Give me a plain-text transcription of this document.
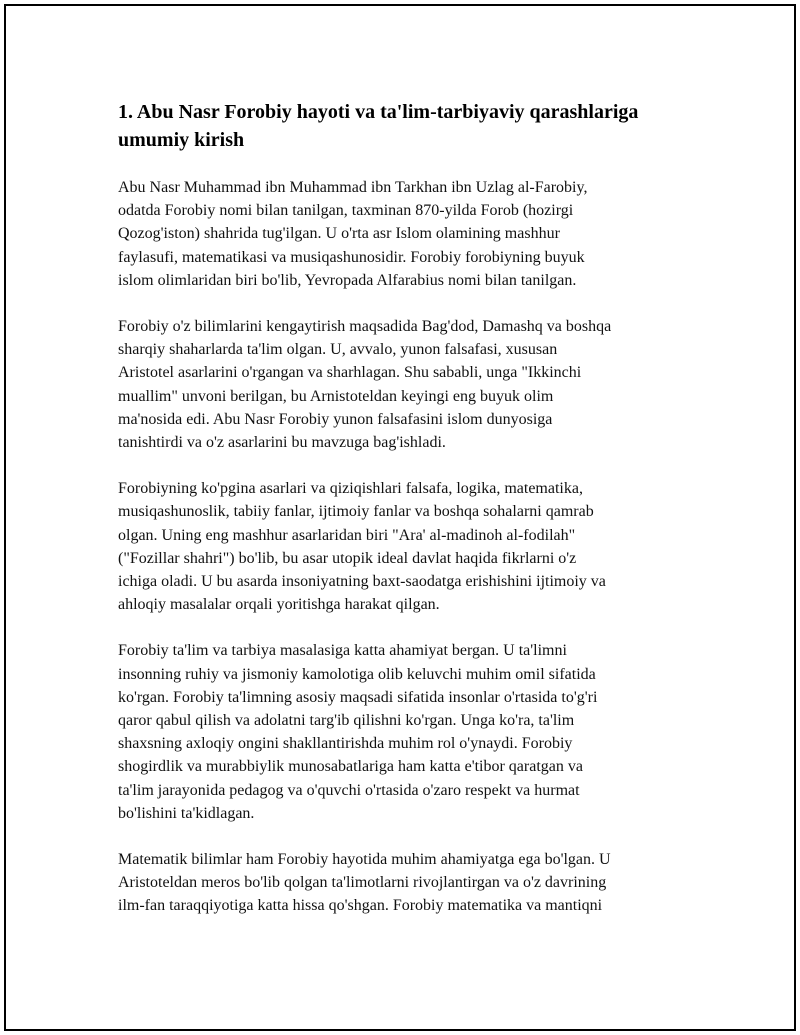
1. Abu Nasr Forobiy hayoti va ta'lim-tarbiyaviy qarashlariga
umumiy kirish

Abu Nasr Muhammad ibn Muhammad ibn Tarkhan ibn Uzlag al-Farobiy,
odatda Forobiy nomi bilan tanilgan, taxminan 870-yilda Forob (hozirgi
Qozog'iston) shahrida tug'ilgan. U o'rta asr Islom olamining mashhur
faylasufi, matematikasi va musiqashunosidir. Forobiy forobiyning buyuk
islom olimlaridan biri bo'lib, Yevropada Alfarabius nomi bilan tanilgan.

Forobiy o'z bilimlarini kengaytirish maqsadida Bag'dod, Damashq va boshqa
sharqiy shaharlarda ta'lim olgan. U, avvalo, yunon falsafasi, xususan
Aristotel asarlarini o'rgangan va sharhlagan. Shu sababli, unga "Ikkinchi
muallim" unvoni berilgan, bu Arnistoteldan keyingi eng buyuk olim
ma'nosida edi. Abu Nasr Forobiy yunon falsafasini islom dunyosiga
tanishtirdi va o'z asarlarini bu mavzuga bag'ishladi.

Forobiyning ko'pgina asarlari va qiziqishlari falsafa, logika, matematika,
musiqashunoslik, tabiiy fanlar, ijtimoiy fanlar va boshqa sohalarni qamrab
olgan. Uning eng mashhur asarlaridan biri "Ara' al-madinoh al-fodilah"
("Fozillar shahri") bo'lib, bu asar utopik ideal davlat haqida fikrlarni o'z
ichiga oladi. U bu asarda insoniyatning baxt-saodatga erishishini ijtimoiy va
ahloqiy masalalar orqali yoritishga harakat qilgan.

Forobiy ta'lim va tarbiya masalasiga katta ahamiyat bergan. U ta'limni
insonning ruhiy va jismoniy kamolotiga olib keluvchi muhim omil sifatida
ko'rgan. Forobiy ta'limning asosiy maqsadi sifatida insonlar o'rtasida to'g'ri
qaror qabul qilish va adolatni targ'ib qilishni ko'rgan. Unga ko'ra, ta'lim
shaxsning axloqiy ongini shakllantirishda muhim rol o'ynaydi. Forobiy
shogirdlik va murabbiylik munosabatlariga ham katta e'tibor qaratgan va
ta'lim jarayonida pedagog va o'quvchi o'rtasida o'zaro respekt va hurmat
bo'lishini ta'kidlagan.

Matematik bilimlar ham Forobiy hayotida muhim ahamiyatga ega bo'lgan. U
Aristoteldan meros bo'lib qolgan ta'limotlarni rivojlantirgan va o'z davrining
ilm-fan taraqqiyotiga katta hissa qo'shgan. Forobiy matematika va mantiqni
